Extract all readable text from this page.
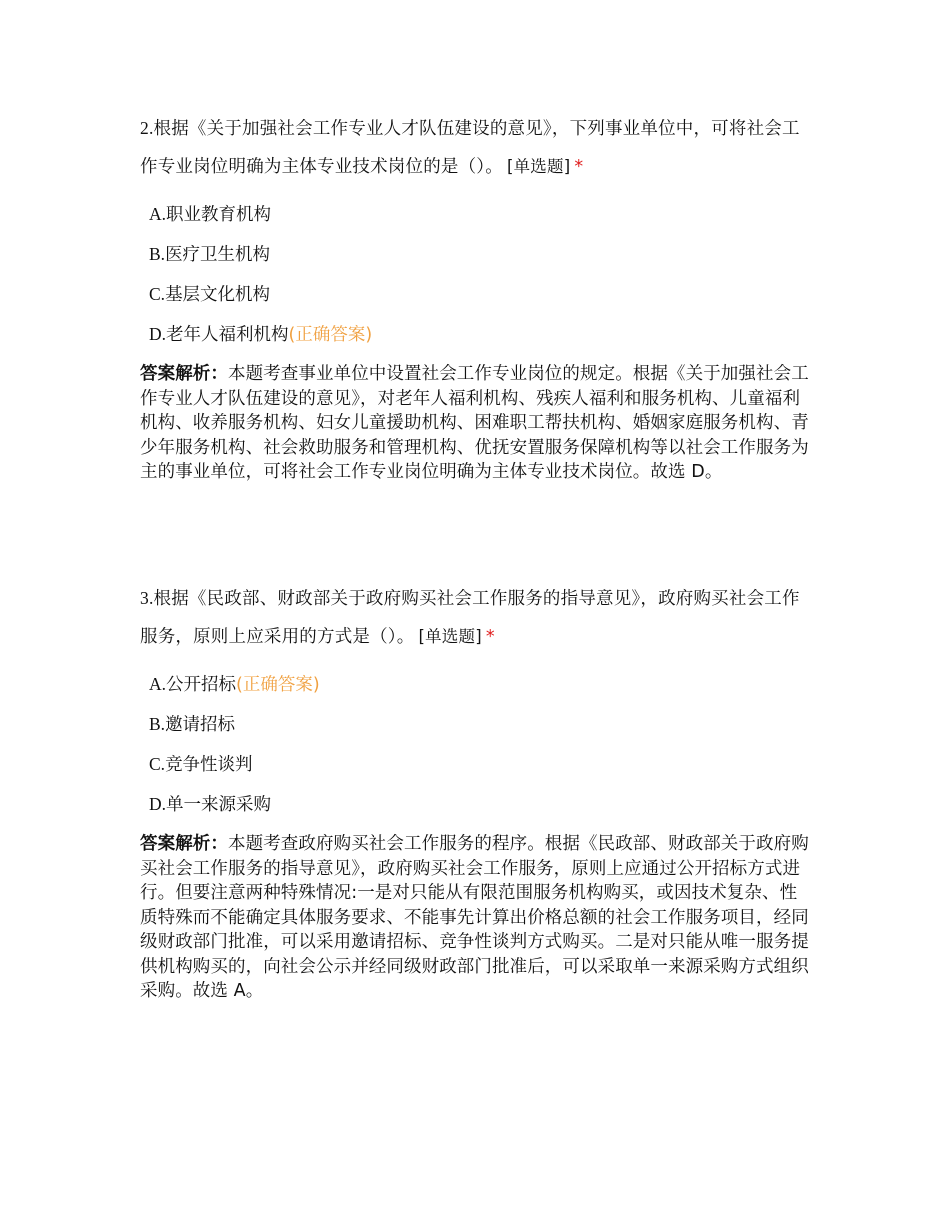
2.根据《关于加强社会工作专业人才队伍建设的意见》，下列事业单位中，可将社会工作专业岗位明确为主体专业技术岗位的是（）。 [单选题] *

A.职业教育机构
B.医疗卫生机构
C.基层文化机构
D.老年人福利机构(正确答案)

答案解析：本题考查事业单位中设置社会工作专业岗位的规定。根据《关于加强社会工作专业人才队伍建设的意见》，对老年人福利机构、残疾人福利和服务机构、儿童福利机构、收养服务机构、妇女儿童援助机构、困难职工帮扶机构、婚姻家庭服务机构、青少年服务机构、社会救助服务和管理机构、优抚安置服务保障机构等以社会工作服务为主的事业单位，可将社会工作专业岗位明确为主体专业技术岗位。故选 D。

3.根据《民政部、财政部关于政府购买社会工作服务的指导意见》，政府购买社会工作服务，原则上应采用的方式是（）。 [单选题] *

A.公开招标(正确答案)
B.邀请招标
C.竞争性谈判
D.单一来源采购

答案解析：本题考查政府购买社会工作服务的程序。根据《民政部、财政部关于政府购买社会工作服务的指导意见》，政府购买社会工作服务，原则上应通过公开招标方式进行。但要注意两种特殊情况:一是对只能从有限范围服务机构购买，或因技术复杂、性质特殊而不能确定具体服务要求、不能事先计算出价格总额的社会工作服务项目，经同级财政部门批准，可以采用邀请招标、竞争性谈判方式购买。二是对只能从唯一服务提供机构购买的，向社会公示并经同级财政部门批准后，可以采取单一来源采购方式组织采购。故选 A。
